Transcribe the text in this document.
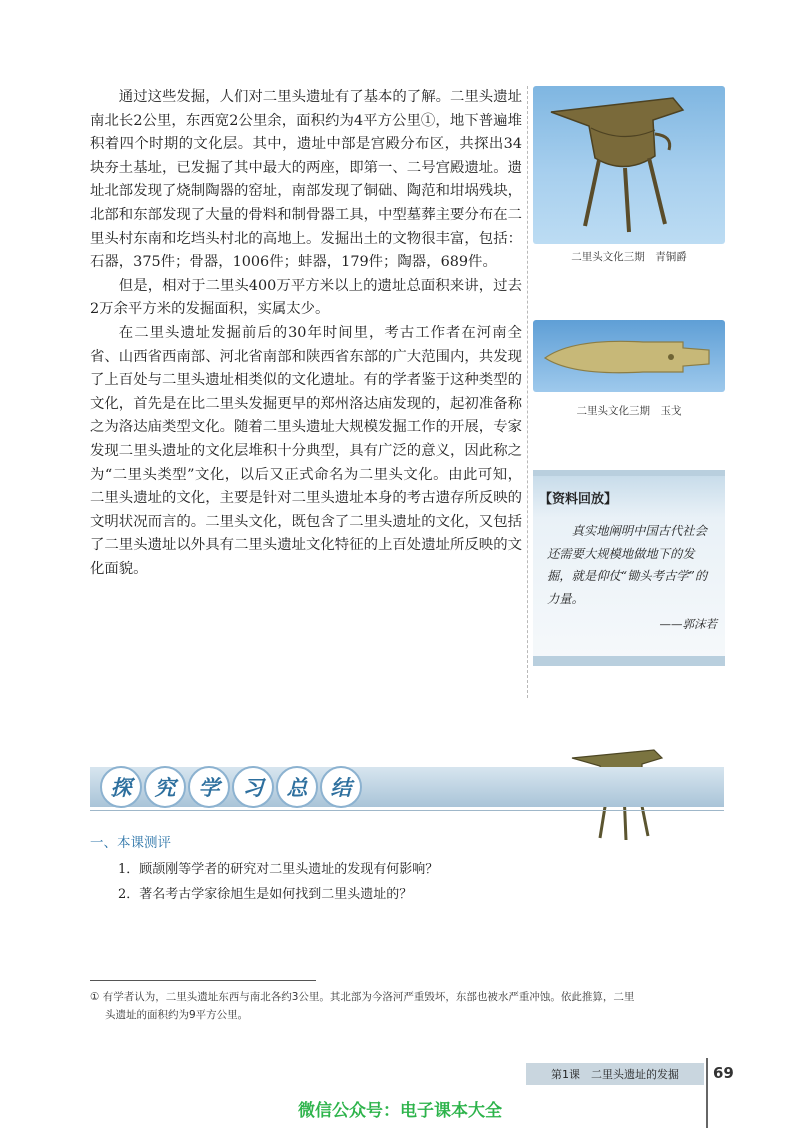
通过这些发掘，人们对二里头遗址有了基本的了解。二里头遗址南北长2公里，东西宽2公里余，面积约为4平方公里①，地下普遍堆积着四个时期的文化层。其中，遗址中部是宫殿分布区，共探出34块夯土基址，已发掘了其中最大的两座，即第一、二号宫殿遗址。遗址北部发现了烧制陶器的窑址，南部发现了铜础、陶范和坩埚残块，北部和东部发现了大量的骨料和制骨器工具，中型墓葬主要分布在二里头村东南和圪垱头村北的高地上。发掘出土的文物很丰富，包括：石器，375件；骨器，1006件；蚌器，179件；陶器，689件。

但是，相对于二里头400万平方米以上的遗址总面积来讲，过去2万余平方米的发掘面积，实属太少。

在二里头遗址发掘前后的30年时间里，考古工作者在河南全省、山西省西南部、河北省南部和陕西省东部的广大范围内，共发现了上百处与二里头遗址相类似的文化遗址。有的学者鉴于这种类型的文化，首先是在比二里头发掘更早的郑州洛达庙发现的，起初准备称之为洛达庙类型文化。随着二里头遗址大规模发掘工作的开展，专家发现二里头遗址的文化层堆积十分典型，具有广泛的意义，因此称之为“二里头类型”文化，以后又正式命名为二里头文化。由此可知，二里头遗址的文化，主要是针对二里头遗址本身的考古遗存所反映的文明状况而言的。二里头文化，既包含了二里头遗址的文化，又包括了二里头遗址以外具有二里头遗址文化特征的上百处遗址所反映的文化面貌。

二里头文化三期　青铜爵
二里头文化三期　玉戈
【资料回放】
真实地阐明中国古代社会还需要大规模地做地下的发掘，就是仰仗“锄头考古学”的力量。
——郭沫若
探	究	学	习	总	结
一、本课测评
1．顾颉刚等学者的研究对二里头遗址的发现有何影响？
2．著名考古学家徐旭生是如何找到二里头遗址的？
① 有学者认为，二里头遗址东西与南北各约3公里。其北部为今洛河严重毁坏，东部也被水严重冲蚀。依此推算，二里
头遗址的面积约为9平方公里。
第1课　二里头遗址的发掘	69
微信公众号：电子课本大全
